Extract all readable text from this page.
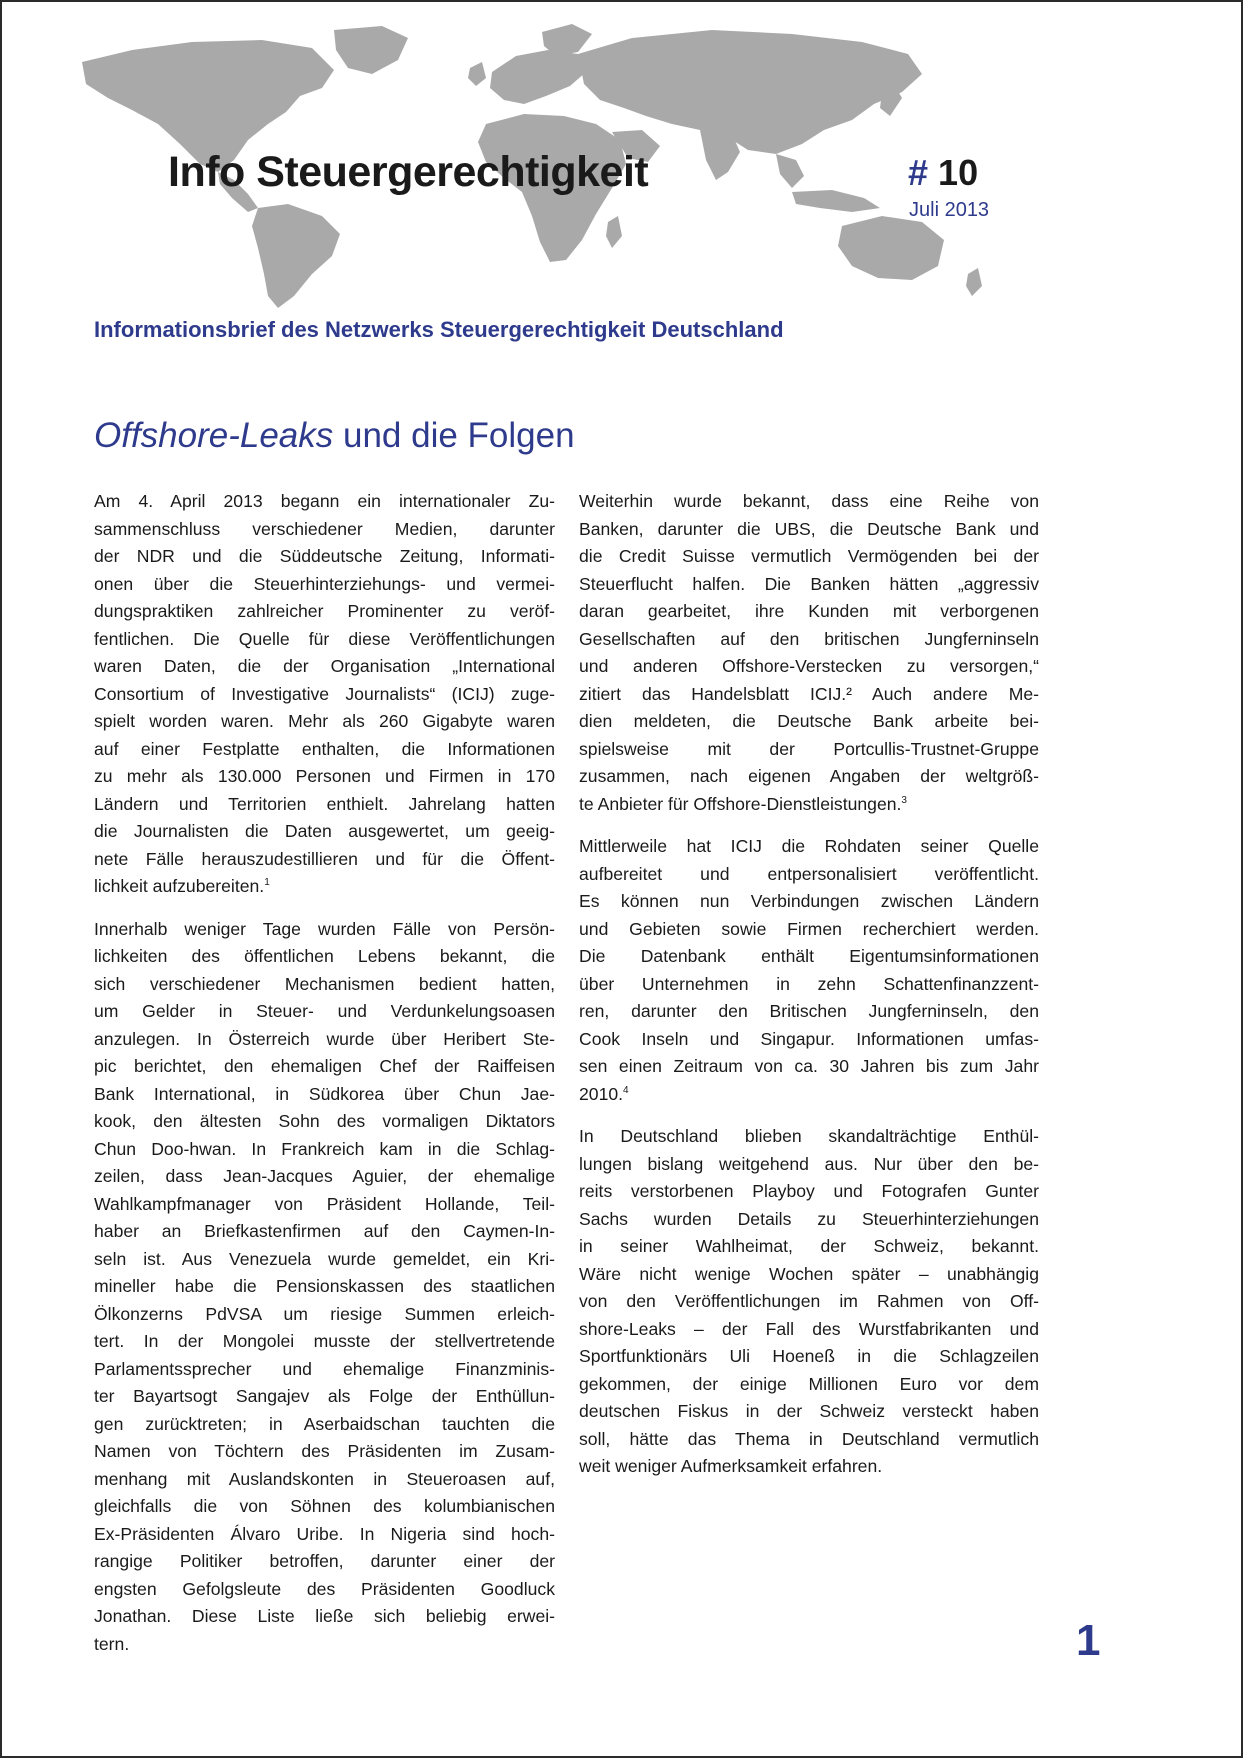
Info Steuergerechtigkeit	# 10
Juli 2013
Informationsbrief des Netzwerks Steuergerechtigkeit Deutschland
Offshore-Leaks und die Folgen

Am 4. April 2013 begann ein internationaler Zu-
sammenschluss verschiedener Medien, darunter
der NDR und die Süddeutsche Zeitung, Informati-
onen über die Steuerhinterziehungs- und vermei-
dungspraktiken zahlreicher Prominenter zu veröf-
fentlichen. Die Quelle für diese Veröffentlichungen
waren Daten, die der Organisation „International
Consortium of Investigative Journalists“ (ICIJ) zuge-
spielt worden waren. Mehr als 260 Gigabyte waren
auf einer Festplatte enthalten, die Informationen
zu mehr als 130.000 Personen und Firmen in 170
Ländern und Territorien enthielt. Jahrelang hatten
die Journalisten die Daten ausgewertet, um geeig-
nete Fälle herauszudestillieren und für die Öffent-
lichkeit aufzubereiten.$^1$

Innerhalb weniger Tage wurden Fälle von Persön-
lichkeiten des öffentlichen Lebens bekannt, die
sich verschiedener Mechanismen bedient hatten,
um Gelder in Steuer- und Verdunkelungsoasen
anzulegen. In Österreich wurde über Heribert Ste-
pic berichtet, den ehemaligen Chef der Raiffeisen
Bank International, in Südkorea über Chun Jae-
kook, den ältesten Sohn des vormaligen Diktators
Chun Doo-hwan. In Frankreich kam in die Schlag-
zeilen, dass Jean-Jacques Aguier, der ehemalige
Wahlkampfmanager von Präsident Hollande, Teil-
haber an Briefkastenfirmen auf den Caymen-In-
seln ist. Aus Venezuela wurde gemeldet, ein Kri-
mineller habe die Pensionskassen des staatlichen
Ölkonzerns PdVSA um riesige Summen erleich-
tert. In der Mongolei musste der stellvertretende
Parlamentssprecher und ehemalige Finanzminis-
ter Bayartsogt Sangajev als Folge der Enthüllun-
gen zurücktreten; in Aserbaidschan tauchten die
Namen von Töchtern des Präsidenten im Zusam-
menhang mit Auslandskonten in Steueroasen auf,
gleichfalls die von Söhnen des kolumbianischen
Ex-Präsidenten Álvaro Uribe. In Nigeria sind hoch-
rangige Politiker betroffen, darunter einer der
engsten Gefolgsleute des Präsidenten Goodluck
Jonathan. Diese Liste ließe sich beliebig erwei-
tern.

Weiterhin wurde bekannt, dass eine Reihe von
Banken, darunter die UBS, die Deutsche Bank und
die Credit Suisse vermutlich Vermögenden bei der
Steuerflucht halfen. Die Banken hätten „aggressiv
daran gearbeitet, ihre Kunden mit verborgenen
Gesellschaften auf den britischen Jungferninseln
und anderen Offshore-Verstecken zu versorgen,“
zitiert das Handelsblatt ICIJ.² Auch andere Me-
dien meldeten, die Deutsche Bank arbeite bei-
spielsweise mit der Portcullis-Trustnet-Gruppe
zusammen, nach eigenen Angaben der weltgröß-
te Anbieter für Offshore-Dienstleistungen.$^3$

Mittlerweile hat ICIJ die Rohdaten seiner Quelle
aufbereitet und entpersonalisiert veröffentlicht.
Es können nun Verbindungen zwischen Ländern
und Gebieten sowie Firmen recherchiert werden.
Die Datenbank enthält Eigentumsinformationen
über Unternehmen in zehn Schattenfinanzzent-
ren, darunter den Britischen Jungferninseln, den
Cook Inseln und Singapur. Informationen umfas-
sen einen Zeitraum von ca. 30 Jahren bis zum Jahr
2010.$^4$

In Deutschland blieben skandalträchtige Enthül-
lungen bislang weitgehend aus. Nur über den be-
reits verstorbenen Playboy und Fotografen Gunter
Sachs wurden Details zu Steuerhinterziehungen
in seiner Wahlheimat, der Schweiz, bekannt.
Wäre nicht wenige Wochen später – unabhängig
von den Veröffentlichungen im Rahmen von Off-
shore-Leaks – der Fall des Wurstfabrikanten und
Sportfunktionärs Uli Hoeneß in die Schlagzeilen
gekommen, der einige Millionen Euro vor dem
deutschen Fiskus in der Schweiz versteckt haben
soll, hätte das Thema in Deutschland vermutlich
weit weniger Aufmerksamkeit erfahren.

1
